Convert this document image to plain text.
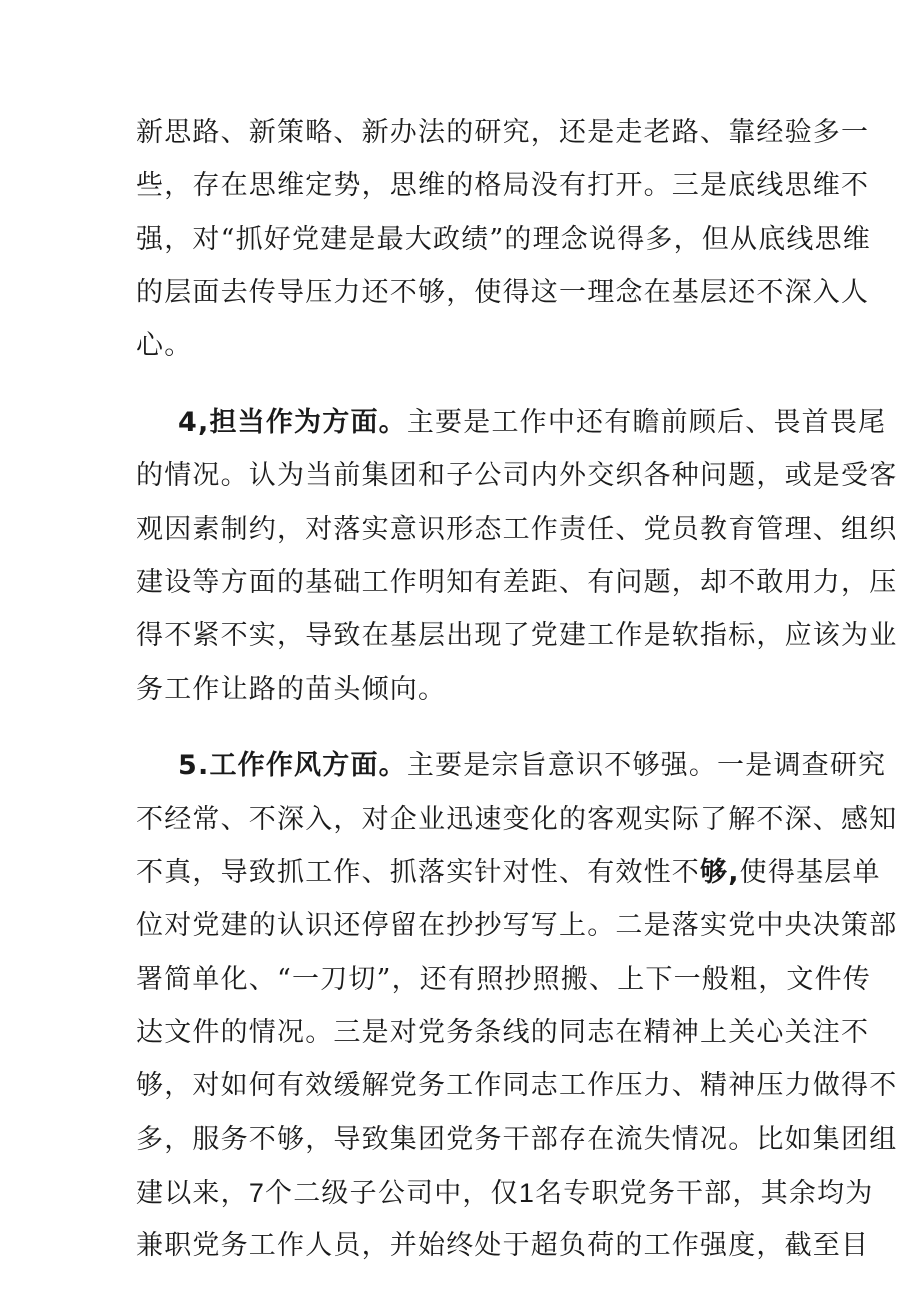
新思路、新策略、新办法的研究，还是走老路、靠经验多一
些，存在思维定势，思维的格局没有打开。三是底线思维不
强，对“抓好党建是最大政绩”的理念说得多，但从底线思维
的层面去传导压力还不够，使得这一理念在基层还不深入人
心。
4,担当作为方面。主要是工作中还有瞻前顾后、畏首畏尾
的情况。认为当前集团和子公司内外交织各种问题，或是受客
观因素制约，对落实意识形态工作责任、党员教育管理、组织
建设等方面的基础工作明知有差距、有问题，却不敢用力，压
得不紧不实，导致在基层出现了党建工作是软指标，应该为业
务工作让路的苗头倾向。
5.工作作风方面。主要是宗旨意识不够强。一是调查研究
不经常、不深入，对企业迅速变化的客观实际了解不深、感知
不真，导致抓工作、抓落实针对性、有效性不够,使得基层单
位对党建的认识还停留在抄抄写写上。二是落实党中央决策部
署简单化、“一刀切”，还有照抄照搬、上下一般粗，文件传
达文件的情况。三是对党务条线的同志在精神上关心关注不
够，对如何有效缓解党务工作同志工作压力、精神压力做得不
多，服务不够，导致集团党务干部存在流失情况。比如集团组
建以来，7个二级子公司中，仅1名专职党务干部，其余均为
兼职党务工作人员，并始终处于超负荷的工作强度，截至目
